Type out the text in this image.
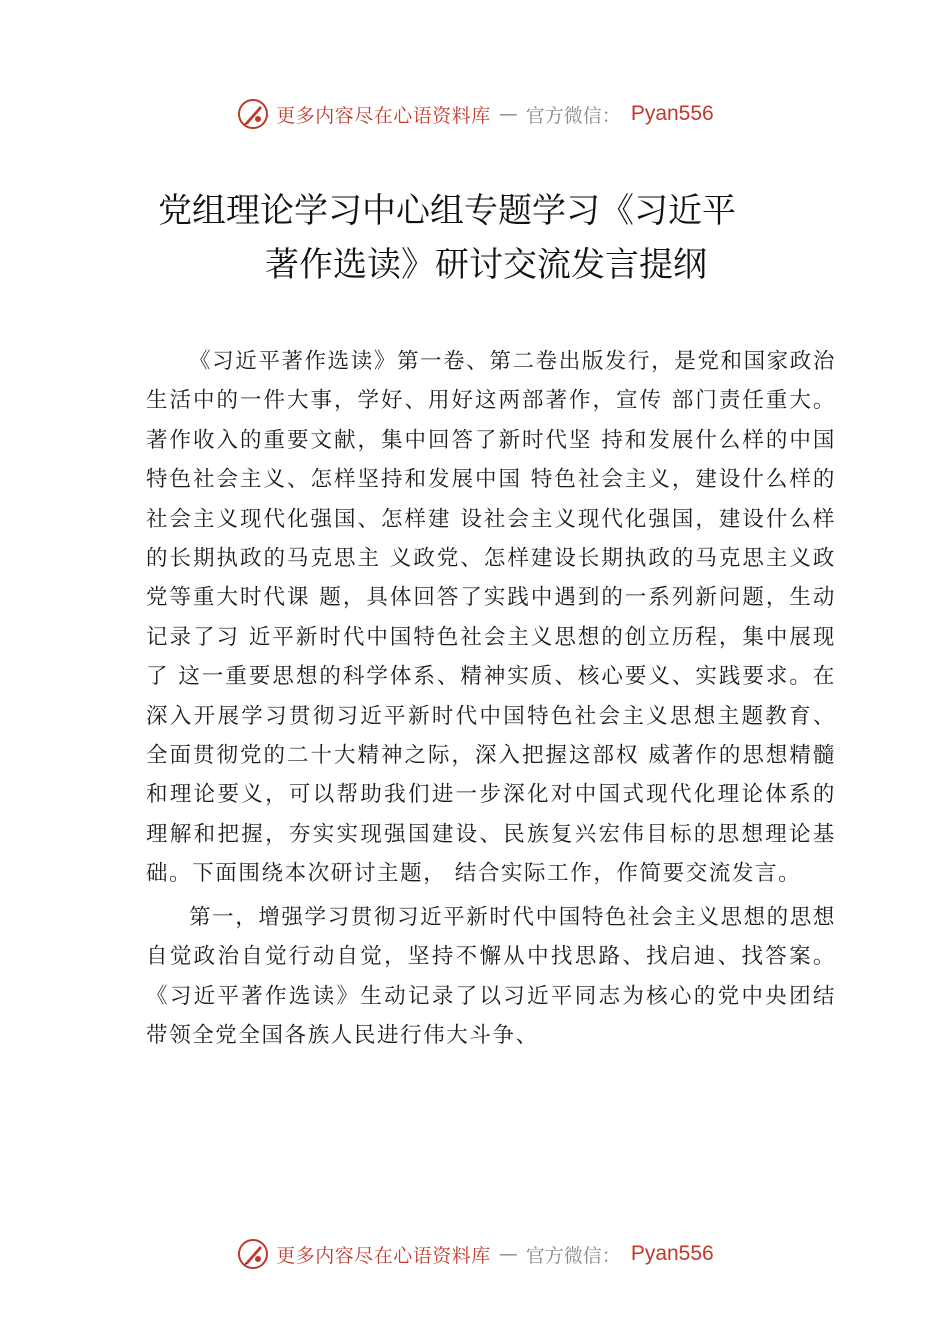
更多内容尽在心语资料库 — 官方微信： Pyan556
党组理论学习中心组专题学习《习近平
著作选读》研讨交流发言提纲

《习近平著作选读》第一卷、第二卷出版发行，是党和国家政治生活中的一件大事，学好、用好这两部著作，宣传 部门责任重大。著作收入的重要文献，集中回答了新时代坚 持和发展什么样的中国特色社会主义、怎样坚持和发展中国 特色社会主义，建设什么样的社会主义现代化强国、怎样建 设社会主义现代化强国，建设什么样的长期执政的马克思主 义政党、怎样建设长期执政的马克思主义政党等重大时代课 题，具体回答了实践中遇到的一系列新问题，生动记录了习 近平新时代中国特色社会主义思想的创立历程，集中展现了 这一重要思想的科学体系、精神实质、核心要义、实践要求。在深入开展学习贯彻习近平新时代中国特色社会主义思想主题教育、全面贯彻党的二十大精神之际，深入把握这部权 威著作的思想精髓和理论要义，可以帮助我们进一步深化对中国式现代化理论体系的理解和把握，夯实实现强国建设、民族复兴宏伟目标的思想理论基础。下面围绕本次研讨主题， 结合实际工作，作简要交流发言。

第一，增强学习贯彻习近平新时代中国特色社会主义思想的思想自觉政治自觉行动自觉，坚持不懈从中找思路、找启迪、找答案。《习近平著作选读》生动记录了以习近平同志为核心的党中央团结带领全党全国各族人民进行伟大斗争、

更多内容尽在心语资料库 — 官方微信： Pyan556
